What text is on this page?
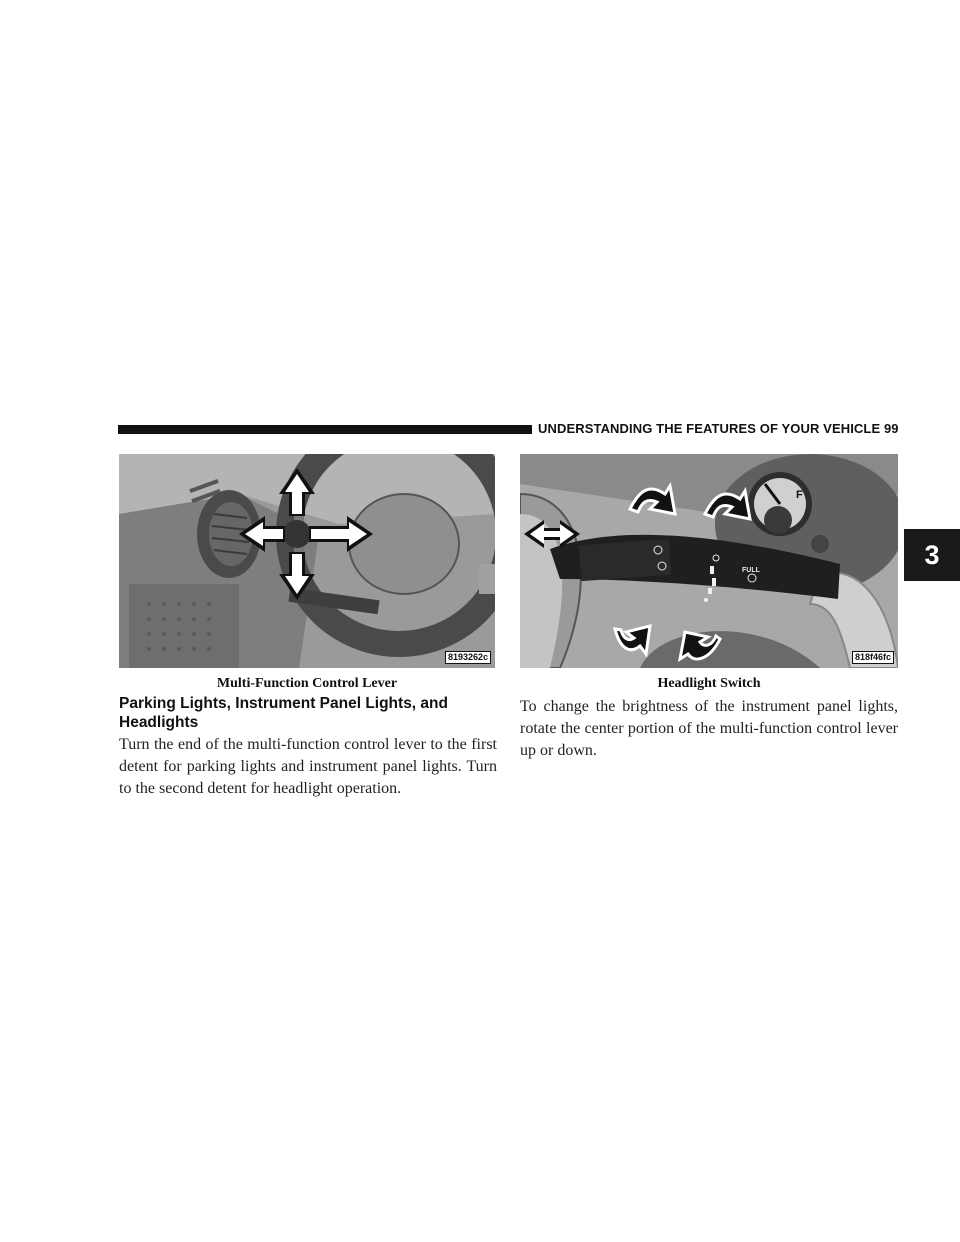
UNDERSTANDING THE FEATURES OF YOUR VEHICLE 99
3
8193262c
Multi-Function Control Lever
F
FULL
818f46fc
Headlight Switch
Parking Lights, Instrument Panel Lights, and Headlights
Turn the end of the multi-function control lever to the first detent for parking lights and instrument panel lights. Turn to the second detent for headlight operation.
To change the brightness of the instrument panel lights, rotate the center portion of the multi-function control lever up or down.
